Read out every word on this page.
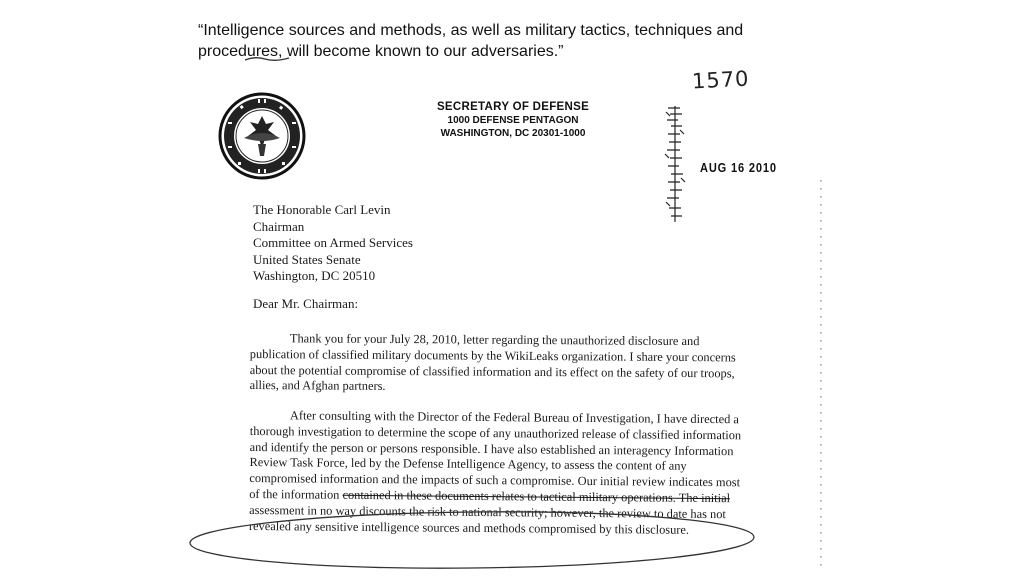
“Intelligence sources and methods, as well as military tactics, techniques and procedures, will become known to our adversaries.”

1570

SECRETARY OF DEFENSE

1000 DEFENSE PENTAGON

WASHINGTON, DC 20301-1000

AUG 16 2010

The Honorable Carl Levin
Chairman
Committee on Armed Services
United States Senate
Washington, DC 20510

Dear Mr. Chairman:

Thank you for your July 28, 2010, letter regarding the unauthorized disclosure and publication of classified military documents by the WikiLeaks organization. I share your concerns about the potential compromise of classified information and its effect on the safety of our troops, allies, and Afghan partners.

After consulting with the Director of the Federal Bureau of Investigation, I have directed a thorough investigation to determine the scope of any unauthorized release of classified information and identify the person or persons responsible. I have also established an interagency Information Review Task Force, led by the Defense Intelligence Agency, to assess the content of any compromised information and the impacts of such a compromise. Our initial review indicates most of the information contained in these documents relates to tactical military operations. The initial assessment in no way discounts the risk to national security; however, the review to date has not revealed any sensitive intelligence sources and methods compromised by this disclosure.
